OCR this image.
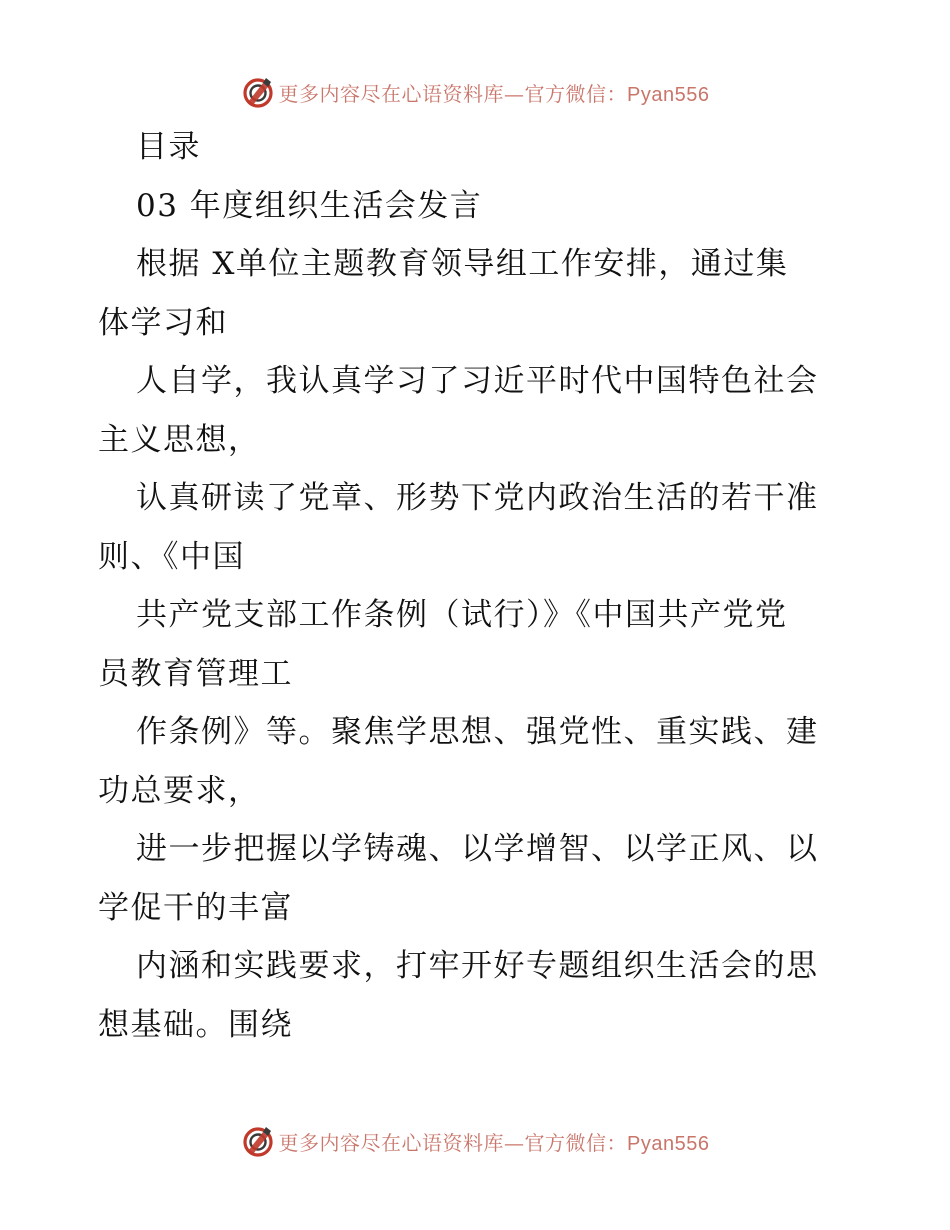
更多内容尽在心语资料库—官方微信：Pyan556
目录
03 年度组织生活会发言
根据 X单位主题教育领导组工作安排，通过集
体学习和
人自学，我认真学习了习近平时代中国特色社会
主义思想，
认真研读了党章、形势下党内政治生活的若干准
则、《中国
共产党支部工作条例（试行）》《中国共产党党
员教育管理工
作条例》等。聚焦学思想、强党性、重实践、建
功总要求，
进一步把握以学铸魂、以学增智、以学正风、以
学促干的丰富
内涵和实践要求，打牢开好专题组织生活会的思
想基础。围绕
更多内容尽在心语资料库—官方微信：Pyan556
